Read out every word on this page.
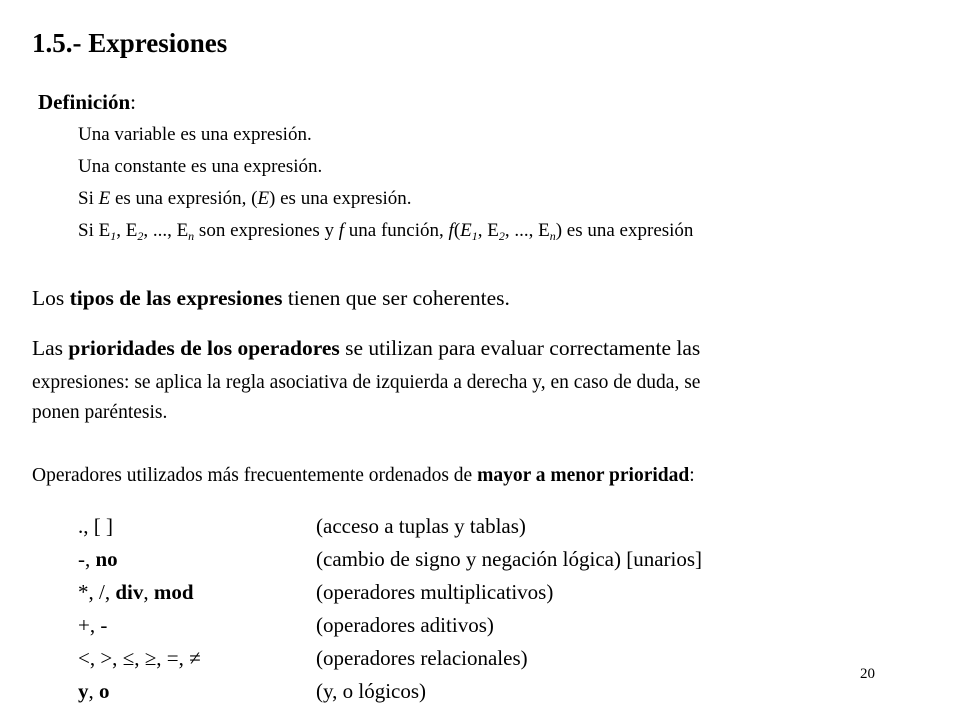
1.5.- Expresiones
Definición:
Una variable es una expresión.
Una constante es una expresión.
Si E es una expresión, (E) es una expresión.
Si $E_1$, $E_2$, ..., $E_n$ son expresiones y f una función, $f(E_1$, $E_2$, ..., $E_n$) es una expresión
Los tipos de las expresiones tienen que ser coherentes.
Las prioridades de los operadores se utilizan para evaluar correctamente las
expresiones: se aplica la regla asociativa de izquierda a derecha y, en caso de duda, se
ponen paréntesis.
Operadores utilizados más frecuentemente ordenados de mayor a menor prioridad:
., [ ]	(acceso a tuplas y tablas)
-, no	(cambio de signo y negación lógica) [unarios]
*, /, div, mod	(operadores multiplicativos)
+, -	(operadores aditivos)
<, >, ≤, ≥, =, ≠	(operadores relacionales)
y, o	(y, o lógicos)
20
